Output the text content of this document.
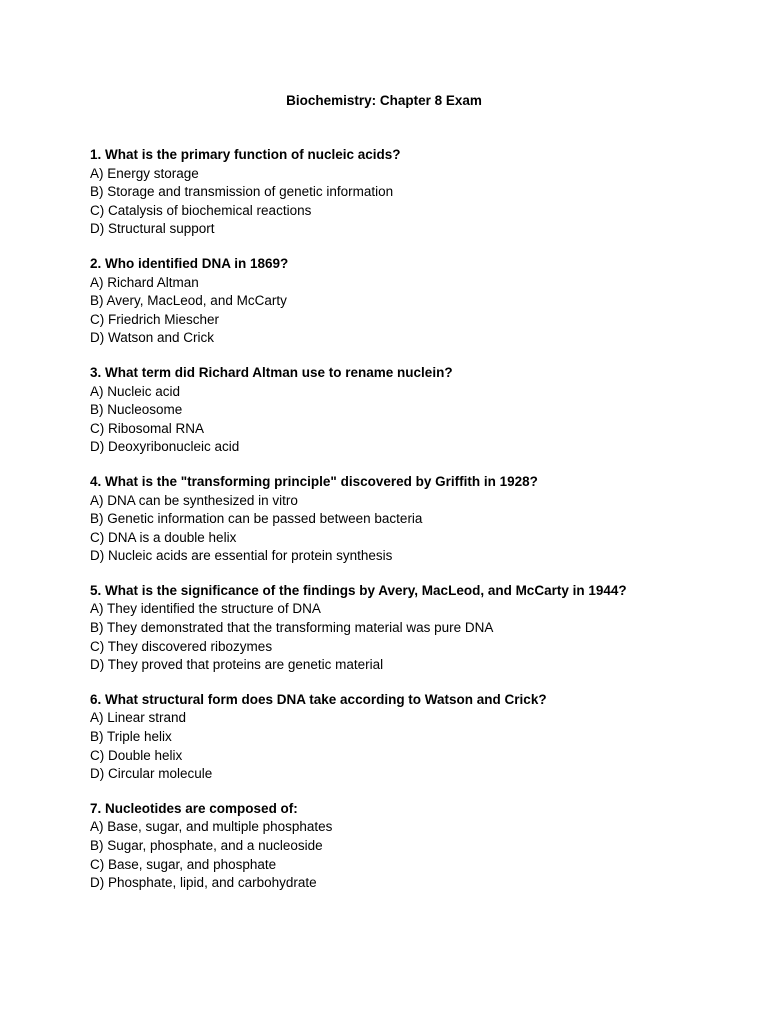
Biochemistry: Chapter 8 Exam
1. What is the primary function of nucleic acids?
A) Energy storage
B) Storage and transmission of genetic information
C) Catalysis of biochemical reactions
D) Structural support
2. Who identified DNA in 1869?
A) Richard Altman
B) Avery, MacLeod, and McCarty
C) Friedrich Miescher
D) Watson and Crick
3. What term did Richard Altman use to rename nuclein?
A) Nucleic acid
B) Nucleosome
C) Ribosomal RNA
D) Deoxyribonucleic acid
4. What is the "transforming principle" discovered by Griffith in 1928?
A) DNA can be synthesized in vitro
B) Genetic information can be passed between bacteria
C) DNA is a double helix
D) Nucleic acids are essential for protein synthesis
5. What is the significance of the findings by Avery, MacLeod, and McCarty in 1944?
A) They identified the structure of DNA
B) They demonstrated that the transforming material was pure DNA
C) They discovered ribozymes
D) They proved that proteins are genetic material
6. What structural form does DNA take according to Watson and Crick?
A) Linear strand
B) Triple helix
C) Double helix
D) Circular molecule
7. Nucleotides are composed of:
A) Base, sugar, and multiple phosphates
B) Sugar, phosphate, and a nucleoside
C) Base, sugar, and phosphate
D) Phosphate, lipid, and carbohydrate
